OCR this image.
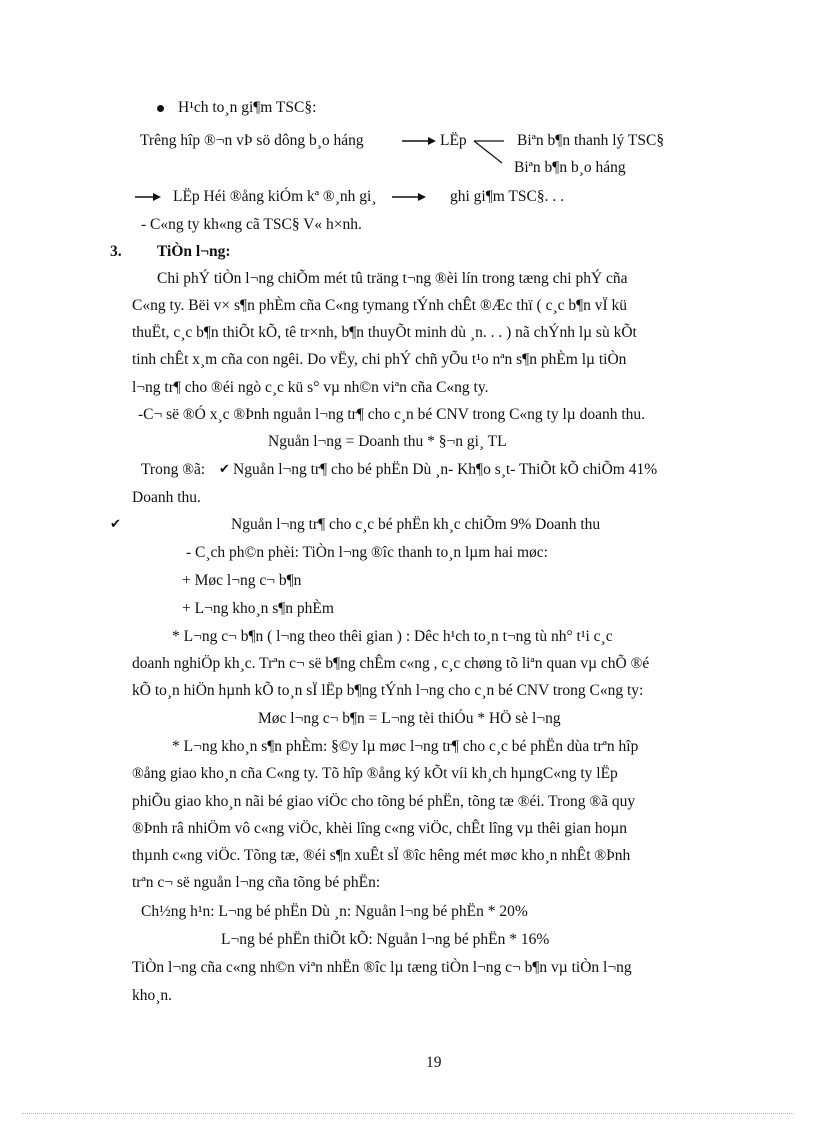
H¹ch to¸n gi¶m TSC§:
Trêng hîp ®¬n vÞ sö dông b¸o háng	LËp	Biªn b¶n thanh lý TSC§
Biªn b¶n b¸o háng
LËp Héi ®ång kiÓm kª ®¸nh gi¸	ghi gi¶m TSC§. . .
- C«ng ty kh«ng cã TSC§ V« h×nh.
3. TiÒn l¬ng:
Chi phÝ tiÒn l¬ng chiÕm mét tû träng t¬ng ®èi lín trong tæng chi phÝ cña
C«ng ty. Bëi v× s¶n phÈm cña C«ng tymang tÝnh chÊt ®Æc thï ( c¸c b¶n vÏ kü
thuËt, c¸c b¶n thiÕt kÕ, tê tr×nh, b¶n thuyÕt minh dù ¸n. . . ) nã chÝnh lµ sù kÕt
tinh chÊt x¸m cña con ngêi. Do vËy, chi phÝ chñ yÕu t¹o nªn s¶n phÈm lµ tiÒn
l¬ng tr¶ cho ®éi ngò c¸c kü s° vµ nh©n viªn cña C«ng ty.
-C¬ së ®Ó x¸c ®Þnh nguån l¬ng tr¶ cho c¸n bé CNV trong C«ng ty lµ doanh thu.
Nguån l¬ng = Doanh thu * §¬n gi¸ TL
Trong ®ã: ✔ Nguån l¬ng tr¶ cho bé phËn Dù ¸n- Kh¶o s¸t- ThiÕt kÕ chiÕm 41%
Doanh thu.
✔	Nguån l¬ng tr¶ cho c¸c bé phËn kh¸c chiÕm 9% Doanh thu
- C¸ch ph©n phèi: TiÒn l¬ng ®îc thanh to¸n lµm hai møc:
+ Møc l¬ng c¬ b¶n
+ L¬ng kho¸n s¶n phÈm
* L¬ng c¬ b¶n ( l¬ng theo thêi gian ) : Dêc h¹ch to¸n t¬ng tù nh° t¹i c¸c
doanh nghiÖp kh¸c. Trªn c¬ së b¶ng chÊm c«ng , c¸c chøng tõ liªn quan vµ chÕ ®é
kÕ to¸n hiÖn hµnh kÕ to¸n sÏ lËp b¶ng tÝnh l¬ng cho c¸n bé CNV trong C«ng ty:
Møc l¬ng c¬ b¶n = L¬ng tèi thiÓu * HÖ sè l¬ng
* L¬ng kho¸n s¶n phÈm: §©y lµ møc l¬ng tr¶ cho c¸c bé phËn dùa trªn hîp
®ång giao kho¸n cña C«ng ty. Tõ hîp ®ång ký kÕt víi kh¸ch hµngC«ng ty lËp
phiÕu giao kho¸n nãi bé giao viÖc cho tõng bé phËn, tõng tæ ®éi. Trong ®ã quy
®Þnh râ nhiÖm vô c«ng viÖc, khèi lîng c«ng viÖc, chÊt lîng vµ thêi gian hoµn
thµnh c«ng viÖc. Tõng tæ, ®éi s¶n xuÊt sÏ ®îc hêng mét møc kho¸n nhÊt ®Þnh
trªn c¬ së nguån l¬ng cña tõng bé phËn:
Ch½ng h¹n: L¬ng bé phËn Dù ¸n: Nguån l¬ng bé phËn * 20%
L¬ng bé phËn thiÕt kÕ: Nguån l¬ng bé phËn * 16%
TiÒn l¬ng cña c«ng nh©n viªn nhËn ®îc lµ tæng tiÒn l¬ng c¬ b¶n vµ tiÒn l¬ng
kho¸n.
19
